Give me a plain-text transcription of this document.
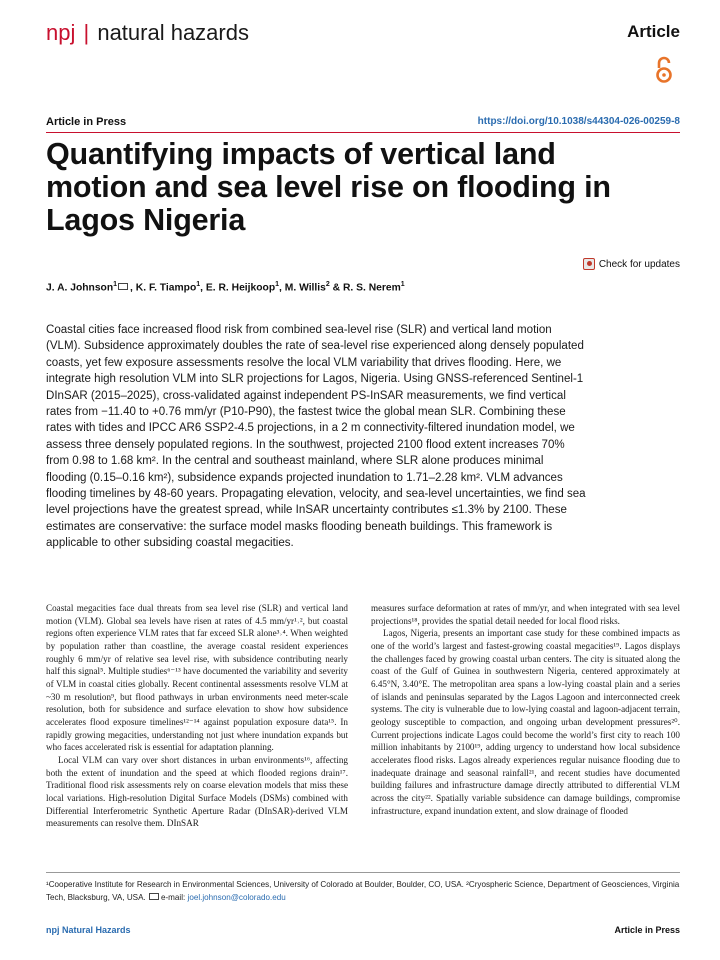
npj | natural hazards	Article
Article in Press	https://doi.org/10.1038/s44304-026-00259-8
Quantifying impacts of vertical land motion and sea level rise on flooding in Lagos Nigeria
Check for updates
J. A. Johnson$^1$ , K. F. Tiampo$^1$, E. R. Heijkoop$^1$, M. Willis$^2$ & R. S. Nerem$^1$
Coastal cities face increased flood risk from combined sea-level rise (SLR) and vertical land motion (VLM). Subsidence approximately doubles the rate of sea-level rise experienced along densely populated coasts, yet few exposure assessments resolve the local VLM variability that drives flooding. Here, we integrate high resolution VLM into SLR projections for Lagos, Nigeria. Using GNSS-referenced Sentinel-1 DInSAR (2015–2025), cross-validated against independent PS-InSAR measurements, we find vertical rates from −11.40 to +0.76 mm/yr (P10-P90), the fastest twice the global mean SLR. Combining these rates with tides and IPCC AR6 SSP2-4.5 projections, in a 2 m connectivity-filtered inundation model, we assess three densely populated regions. In the southwest, projected 2100 flood extent increases 70% from 0.98 to 1.68 km². In the central and southeast mainland, where SLR alone produces minimal flooding (0.15–0.16 km²), subsidence expands projected inundation to 1.71–2.28 km². VLM advances flooding timelines by 48-60 years. Propagating elevation, velocity, and sea-level uncertainties, we find sea level projections have the greatest spread, while InSAR uncertainty contributes ≤1.3% by 2100. These estimates are conservative: the surface model masks flooding beneath buildings. This framework is applicable to other subsiding coastal megacities.

Coastal megacities face dual threats from sea level rise (SLR) and vertical land motion (VLM). Global sea levels have risen at rates of 4.5 mm/yr¹˒², but coastal regions often experience VLM rates that far exceed SLR alone³˒⁴. When weighted by population rather than coastline, the average coastal resident experiences roughly 6 mm/yr of relative sea level rise, with subsidence contributing nearly half this signal⁵. Multiple studies⁶⁻¹³ have documented the variability and severity of VLM in coastal cities globally. Recent continental assessments resolve VLM at ~30 m resolution⁹, but flood pathways in urban environments need meter-scale resolution, both for subsidence and surface elevation to show how subsidence accelerates flood exposure timelines¹²⁻¹⁴ against population exposure data¹⁵. In rapidly growing megacities, understanding not just where inundation expands but who faces accelerated risk is essential for adaptation planning.

Local VLM can vary over short distances in urban environments¹⁶, affecting both the extent of inundation and the speed at which flooded regions drain¹⁷. Traditional flood risk assessments rely on coarse elevation models that miss these local variations. High-resolution Digital Surface Models (DSMs) combined with Differential Interferometric Synthetic Aperture Radar (DInSAR)-derived VLM measurements can resolve them. DInSAR

measures surface deformation at rates of mm/yr, and when integrated with sea level projections¹⁸, provides the spatial detail needed for local flood risks.

Lagos, Nigeria, presents an important case study for these combined impacts as one of the world’s largest and fastest-growing coastal megacities¹⁹. Lagos displays the challenges faced by growing coastal urban centers. The city is situated along the coast of the Gulf of Guinea in southwestern Nigeria, centered approximately at 6.45°N, 3.40°E. The metropolitan area spans a low-lying coastal plain and a series of islands and peninsulas separated by the Lagos Lagoon and interconnected creek systems. The city is vulnerable due to low-lying coastal and lagoon-adjacent terrain, geology susceptible to compaction, and ongoing urban development pressures²⁰. Current projections indicate Lagos could become the world’s first city to reach 100 million inhabitants by 2100¹⁹, adding urgency to understand how local subsidence accelerates flood risks. Lagos already experiences regular nuisance flooding due to inadequate drainage and seasonal rainfall²¹, and recent studies have documented building failures and infrastructure damage directly attributed to differential VLM across the city²². Spatially variable subsidence can damage buildings, compromise infrastructure, expand inundation extent, and slow drainage of flooded

¹Cooperative Institute for Research in Environmental Sciences, University of Colorado at Boulder, Boulder, CO, USA. ²Cryospheric Science, Department of Geosciences, Virginia Tech, Blacksburg, VA, USA. e-mail: joel.johnson@colorado.edu
npj Natural Hazards	Article in Press
